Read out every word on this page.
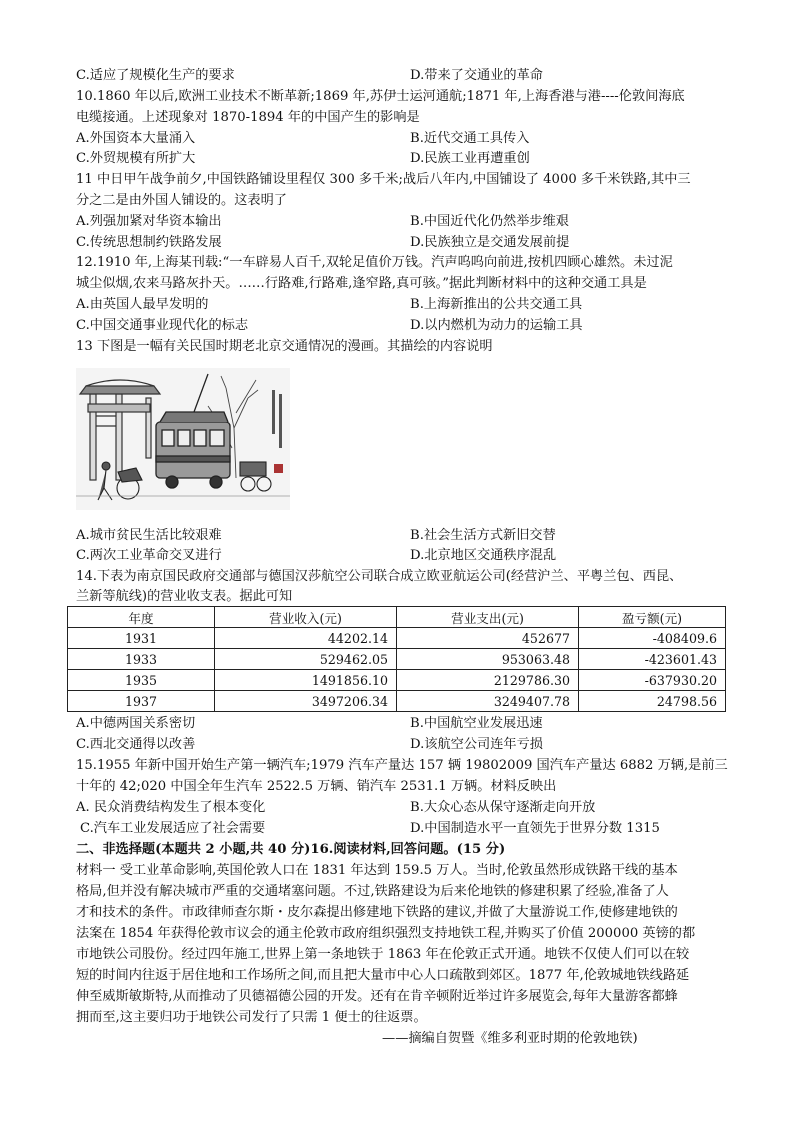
C.适应了规模化生产的要求	D.带来了交通业的革命
10.1860 年以后,欧洲工业技术不断革新;1869 年,苏伊士运河通航;1871 年,上海香港与港----伦敦间海底
电缆接通。上述现象对 1870-1894 年的中国产生的影响是
A.外国资本大量涌入	B.近代交通工具传入
C.外贸规模有所扩大	D.民族工业再遭重创
11 中日甲午战争前夕,中国铁路铺设里程仅 300 多千米;战后八年内,中国铺设了 4000 多千米铁路,其中三
分之二是由外国人铺设的。这表明了
A.列强加紧对华资本输出	B.中国近代化仍然举步维艰
C.传统思想制约铁路发展	D.民族独立是交通发展前提
12.1910 年,上海某刊载:“一车辟易人百千,双轮足值价万钱。汽声呜呜向前进,按机四顾心雄然。未过泥
城尘似烟,农来马路灰扑天。……行路难,行路难,逢窄路,真可骇。”据此判断材料中的这种交通工具是
A.由英国人最早发明的	B.上海新推出的公共交通工具
C.中国交通事业现代化的标志	D.以内燃机为动力的运输工具
13 下图是一幅有关民国时期老北京交通情况的漫画。其描绘的内容说明
A.城市贫民生活比较艰难	B.社会生活方式新旧交替
C.两次工业革命交叉进行	D.北京地区交通秩序混乱
14.下表为南京国民政府交通部与德国汉莎航空公司联合成立欧亚航运公司(经营沪兰、平粤兰包、西昆、
兰新等航线)的营业收支表。据此可知
年度	营业收入(元)	营业支出(元)	盈亏额(元)
1931	44202.14	452677	-408409.6
1933	529462.05	953063.48	-423601.43
1935	1491856.10	2129786.30	-637930.20
1937	3497206.34	3249407.78	24798.56
A.中德两国关系密切	B.中国航空业发展迅速
C.西北交通得以改善	D.该航空公司连年亏损
15.1955 年新中国开始生产第一辆汽车;1979 汽车产量达 157 辆 19802009 国汽车产量达 6882 万辆,是前三
十年的 42;020 中国全年生汽车 2522.5 万辆、销汽车 2531.1 万辆。材料反映出
A. 民众消费结构发生了根本变化	B.大众心态从保守逐渐走向开放
C.汽车工业发展适应了社会需要	D.中国制造水平一直领先于世界分数 1315
二、非选择题(本题共 2 小题,共 40 分)16.阅读材料,回答问题。(15 分)
材料一 受工业革命影响,英国伦敦人口在 1831 年达到 159.5 万人。当时,伦敦虽然形成铁路干线的基本
格局,但并没有解决城市严重的交通堵塞问题。不过,铁路建设为后来伦地铁的修建积累了经验,准备了人
才和技术的条件。市政律师查尔斯・皮尔森提出修建地下铁路的建议,并做了大量游说工作,使修建地铁的
法案在 1854 年获得伦敦市议会的通主伦敦市政府组织强烈支持地铁工程,并购买了价值 200000 英镑的都
市地铁公司股份。经过四年施工,世界上第一条地铁于 1863 年在伦敦正式开通。地铁不仅使人们可以在较
短的时间内往返于居住地和工作场所之间,而且把大量市中心人口疏散到郊区。1877 年,伦敦城地铁线路延
伸至威斯敏斯特,从而推动了贝德福德公园的开发。还有在肯辛顿附近举过许多展览会,每年大量游客都蜂
拥而至,这主要归功于地铁公司发行了只需 1 便士的往返票。
——摘编自贺暨《维多利亚时期的伦敦地铁)
